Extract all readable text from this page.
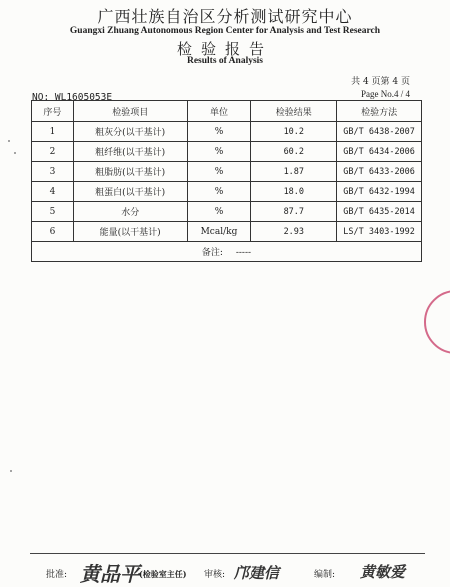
广西壮族自治区分析测试研究中心
Guangxi Zhuang Autonomous Region Center for Analysis and Test Research
检验报告
Results of Analysis
共 4 页第 4 页
Page No.4 / 4
NO: WL1605053E
序号	检验项目	单位	检验结果	检验方法
1	粗灰分(以干基计)	%	10.2	GB/T 6438-2007
2	粗纤维(以干基计)	%	60.2	GB/T 6434-2006
3	粗脂肪(以干基计)	%	1.87	GB/T 6433-2006
4	粗蛋白(以干基计)	%	18.0	GB/T 6432-1994
5	水分	%	87.7	GB/T 6435-2014
6	能量(以干基计)	Mcal/kg	2.93	LS/T 3403-1992
备注: -----				
批准: 黄品平 (检验室主任) 审核: 邝建信	编制: 黄敏爱
